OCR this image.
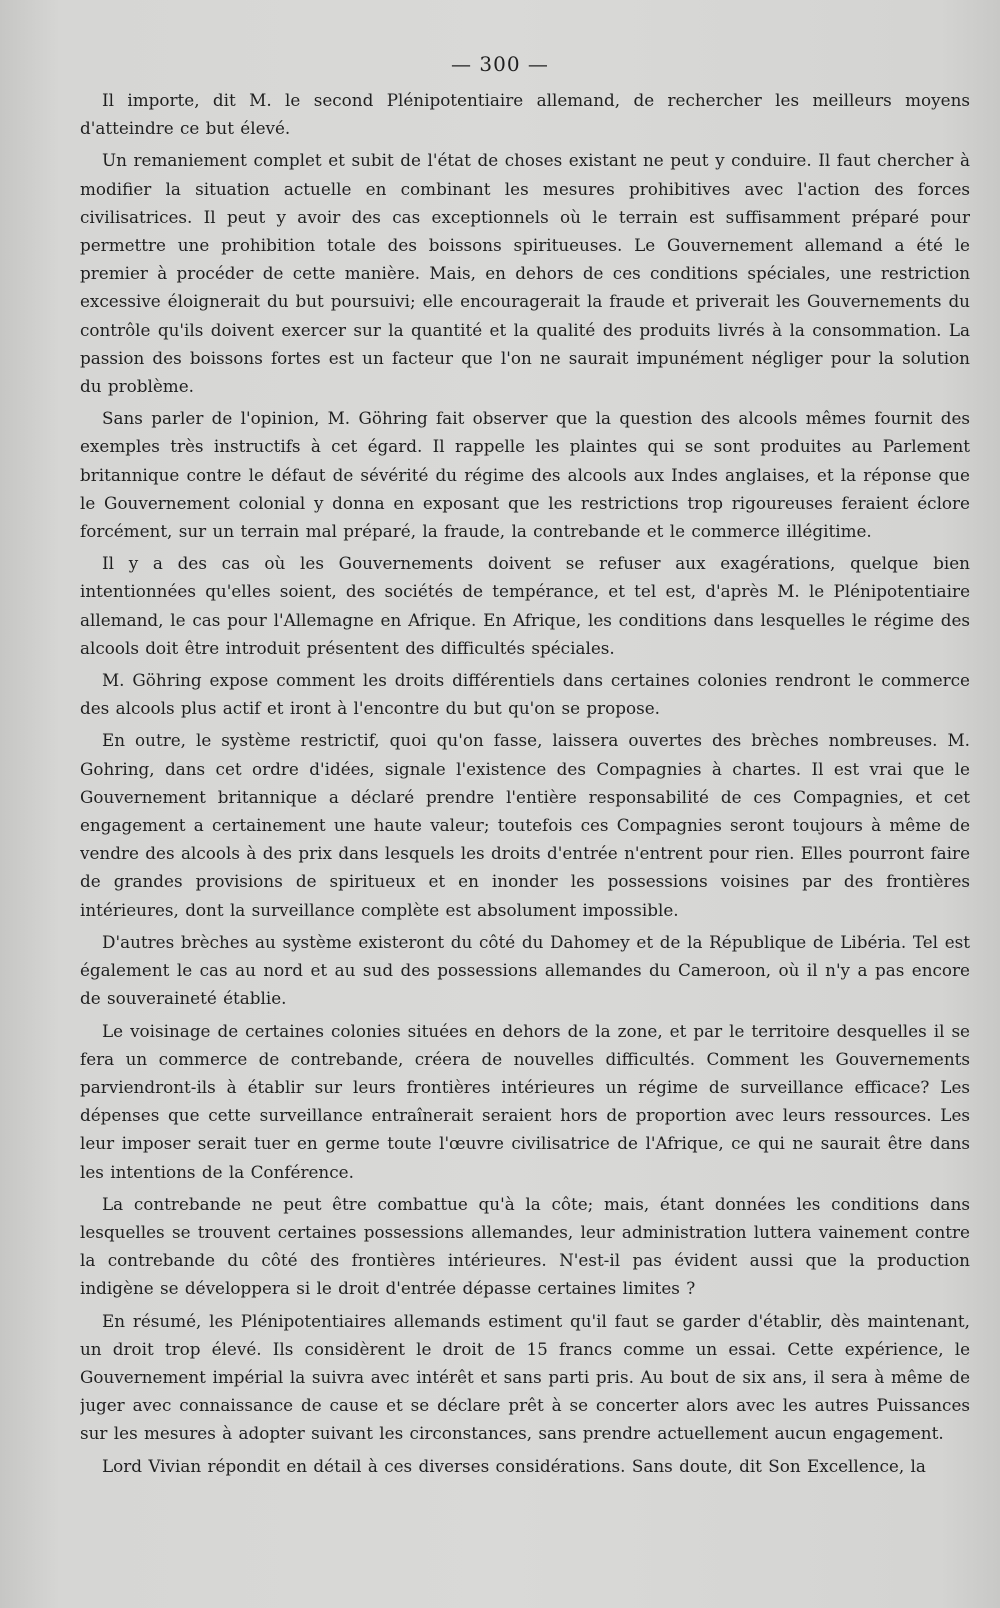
— 300 —

Il importe, dit M. le second Plénipotentiaire allemand, de rechercher les meilleurs moyens d'atteindre ce but élevé.

Un remaniement complet et subit de l'état de choses existant ne peut y conduire. Il faut chercher à modifier la situation actuelle en combinant les mesures prohibitives avec l'action des forces civilisatrices. Il peut y avoir des cas exceptionnels où le terrain est suffisamment préparé pour permettre une prohibition totale des boissons spiritueuses. Le Gouvernement allemand a été le premier à procéder de cette manière. Mais, en dehors de ces conditions spéciales, une restriction excessive éloignerait du but poursuivi; elle encouragerait la fraude et priverait les Gouvernements du contrôle qu'ils doivent exercer sur la quantité et la qualité des produits livrés à la consommation. La passion des boissons fortes est un facteur que l'on ne saurait impunément négliger pour la solution du problème.

Sans parler de l'opinion, M. Göhring fait observer que la question des alcools mêmes fournit des exemples très instructifs à cet égard. Il rappelle les plaintes qui se sont produites au Parlement britannique contre le défaut de sévérité du régime des alcools aux Indes anglaises, et la réponse que le Gouvernement colonial y donna en exposant que les restrictions trop rigoureuses feraient éclore forcément, sur un terrain mal préparé, la fraude, la contrebande et le commerce illégitime.

Il y a des cas où les Gouvernements doivent se refuser aux exagérations, quelque bien intentionnées qu'elles soient, des sociétés de tempérance, et tel est, d'après M. le Plénipotentiaire allemand, le cas pour l'Allemagne en Afrique. En Afrique, les conditions dans lesquelles le régime des alcools doit être introduit présentent des difficultés spéciales.

M. Göhring expose comment les droits différentiels dans certaines colonies rendront le commerce des alcools plus actif et iront à l'encontre du but qu'on se propose.

En outre, le système restrictif, quoi qu'on fasse, laissera ouvertes des brèches nombreuses. M. Gohring, dans cet ordre d'idées, signale l'existence des Compagnies à chartes. Il est vrai que le Gouvernement britannique a déclaré prendre l'entière responsabilité de ces Compagnies, et cet engagement a certainement une haute valeur; toutefois ces Compagnies seront toujours à même de vendre des alcools à des prix dans lesquels les droits d'entrée n'entrent pour rien. Elles pourront faire de grandes provisions de spiritueux et en inonder les possessions voisines par des frontières intérieures, dont la surveillance complète est absolument impossible.

D'autres brèches au système existeront du côté du Dahomey et de la République de Libéria. Tel est également le cas au nord et au sud des possessions allemandes du Cameroon, où il n'y a pas encore de souveraineté établie.

Le voisinage de certaines colonies situées en dehors de la zone, et par le territoire desquelles il se fera un commerce de contrebande, créera de nouvelles difficultés. Comment les Gouvernements parviendront-ils à établir sur leurs frontières intérieures un régime de surveillance efficace? Les dépenses que cette surveillance entraînerait seraient hors de proportion avec leurs ressources. Les leur imposer serait tuer en germe toute l'œuvre civilisatrice de l'Afrique, ce qui ne saurait être dans les intentions de la Conférence.

La contrebande ne peut être combattue qu'à la côte; mais, étant données les conditions dans lesquelles se trouvent certaines possessions allemandes, leur administration luttera vainement contre la contrebande du côté des frontières intérieures. N'est-il pas évident aussi que la production indigène se développera si le droit d'entrée dépasse certaines limites ?

En résumé, les Plénipotentiaires allemands estiment qu'il faut se garder d'établir, dès maintenant, un droit trop élevé. Ils considèrent le droit de 15 francs comme un essai. Cette expérience, le Gouvernement impérial la suivra avec intérêt et sans parti pris. Au bout de six ans, il sera à même de juger avec connaissance de cause et se déclare prêt à se concerter alors avec les autres Puissances sur les mesures à adopter suivant les circonstances, sans prendre actuellement aucun engagement.

Lord Vivian répondit en détail à ces diverses considérations. Sans doute, dit Son Excellence, la
